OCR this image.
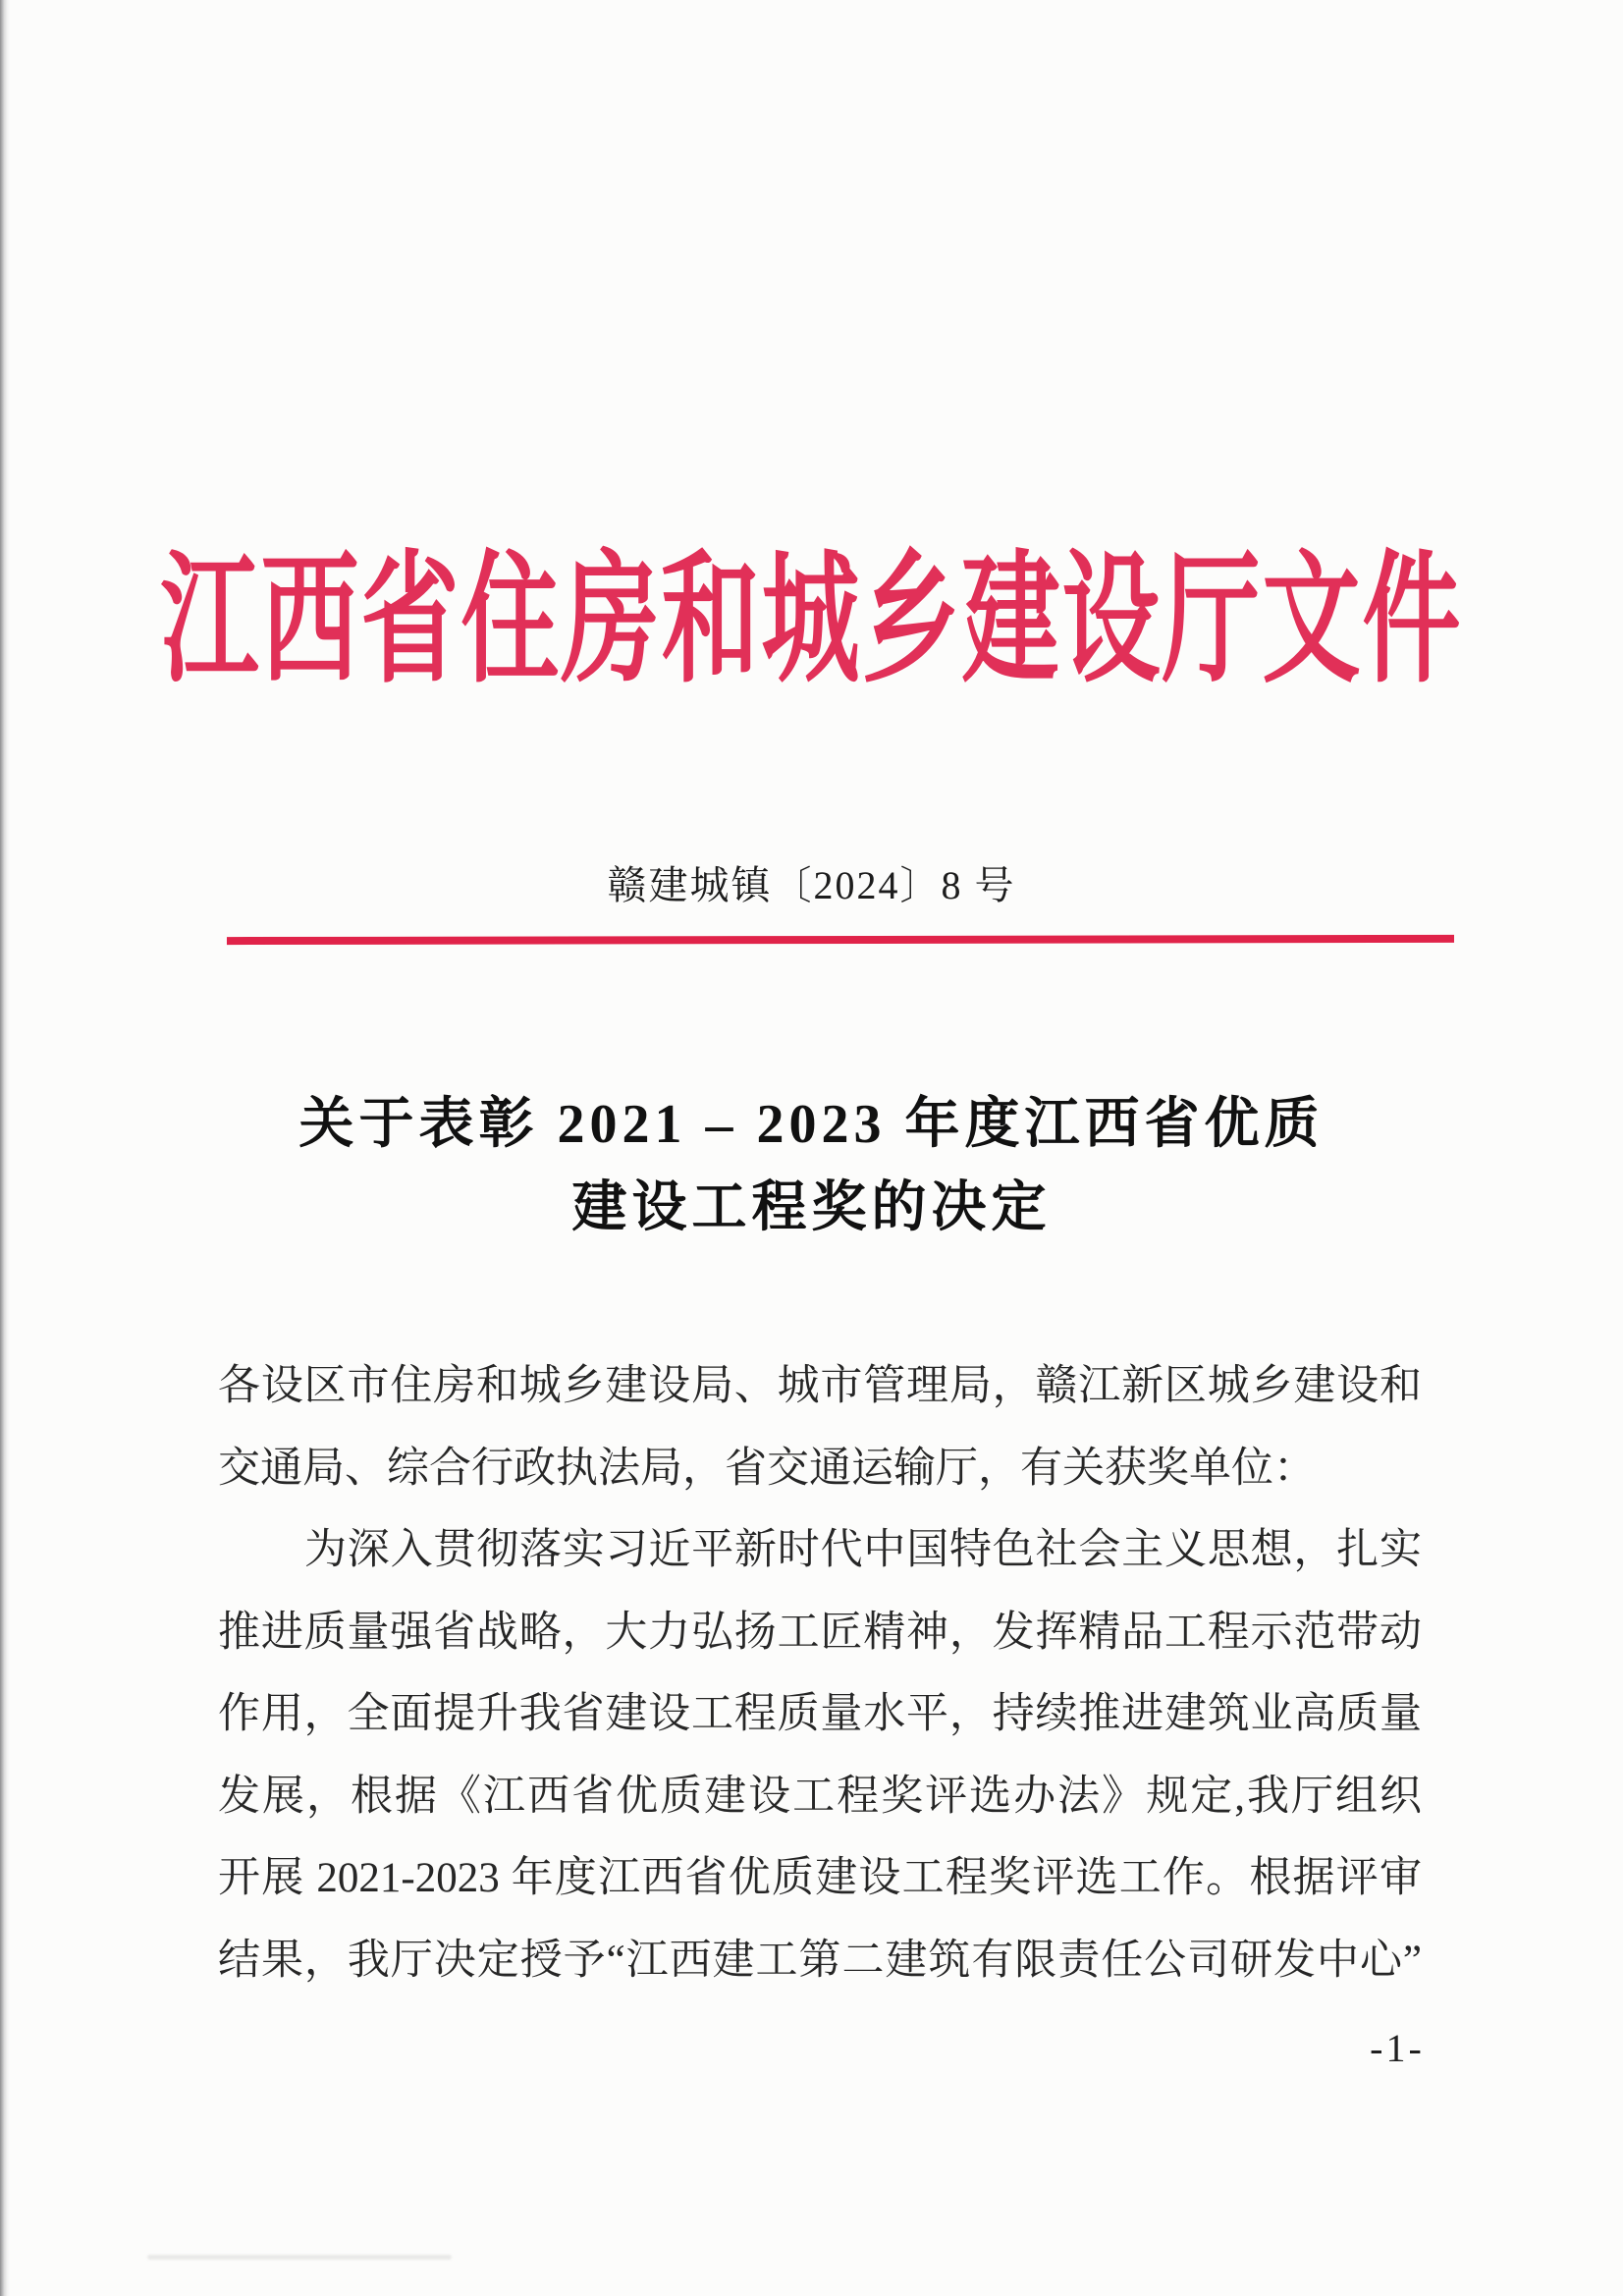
江西省住房和城乡建设厅文件
赣建城镇〔2024〕8 号
关于表彰 2021 – 2023 年度江西省优质
建设工程奖的决定
各设区市住房和城乡建设局、城市管理局，赣江新区城乡建设和
交通局、综合行政执法局，省交通运输厅，有关获奖单位：
为深入贯彻落实习近平新时代中国特色社会主义思想，扎实
推进质量强省战略，大力弘扬工匠精神，发挥精品工程示范带动
作用，全面提升我省建设工程质量水平，持续推进建筑业高质量
发展，根据《江西省优质建设工程奖评选办法》规定,我厅组织
开展 2021-2023 年度江西省优质建设工程奖评选工作。根据评审
结果，我厅决定授予“江西建工第二建筑有限责任公司研发中心”
-1-
